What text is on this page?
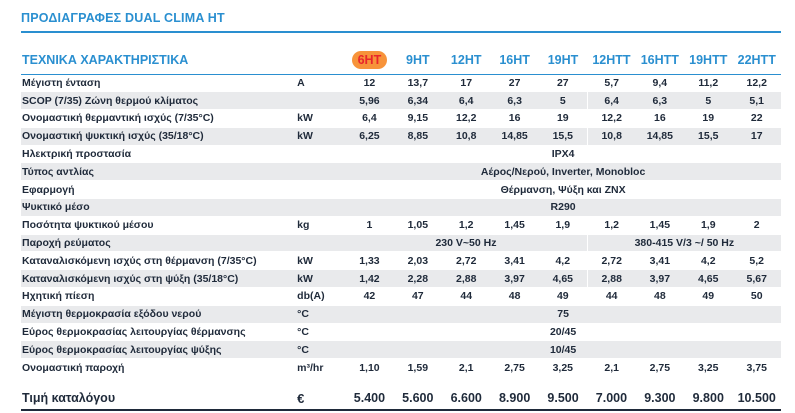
ΠΡΟΔΙΑΓΡΑΦΕΣ DUAL CLIMA HT
ΤΕΧΝΙΚΑ ΧΑΡΑΚΤΗΡΙΣΤΙΚΑ		6HT	9HT	12HT	16HT	19HT	12HTT	16HTT	19HTT	22HTT
Μέγιστη ένταση	A	12	13,7	17	27	27	5,7	9,4	11,2	12,2
SCOP (7/35) Ζώνη θερμού κλίματος		5,96	6,34	6,4	6,3	5	6,4	6,3	5	5,1
Ονομαστική θερμαντική ισχύς (7/35°C)	kW	6,4	9,15	12,2	16	19	12,2	16	19	22
Ονομαστική ψυκτική ισχύς (35/18°C)	kW	6,25	8,85	10,8	14,85	15,5	10,8	14,85	15,5	17
Ηλεκτρική προστασία		IPX4								
Τύπος αντλίας		Αέρος/Νερού, Inverter, Monobloc								
Εφαρμογή		Θέρμανση, Ψύξη και ZNX								
Ψυκτικό μέσο		R290								
Ποσότητα ψυκτικού μέσου	kg	1	1,05	1,2	1,45	1,9	1,2	1,45	1,9	2
Παροχή ρεύματος		230 V~50 Hz					380-415 V/3 ~/ 50 Hz			
Καταναλισκόμενη ισχύς στη θέρμανση (7/35°C)	kW	1,33	2,03	2,72	3,41	4,2	2,72	3,41	4,2	5,2
Καταναλισκόμενη ισχύς στη ψύξη (35/18°C)	kW	1,42	2,28	2,88	3,97	4,65	2,88	3,97	4,65	5,67
Ηχητική πίεση	db(A)	42	47	44	48	49	44	48	49	50
Μέγιστη θερμοκρασία εξόδου νερού	°C	75								
Εύρος θερμοκρασίας λειτουργίας θέρμανσης	°C	20/45								
Εύρος θερμοκρασίας λειτουργίας ψύξης	°C	10/45								
Ονομαστική παροχή	m³/hr	1,10	1,59	2,1	2,75	3,25	2,1	2,75	3,25	3,75

Τιμή καταλόγου	€	5.400	5.600	6.600	8.900	9.500	7.000	9.300	9.800	10.500
